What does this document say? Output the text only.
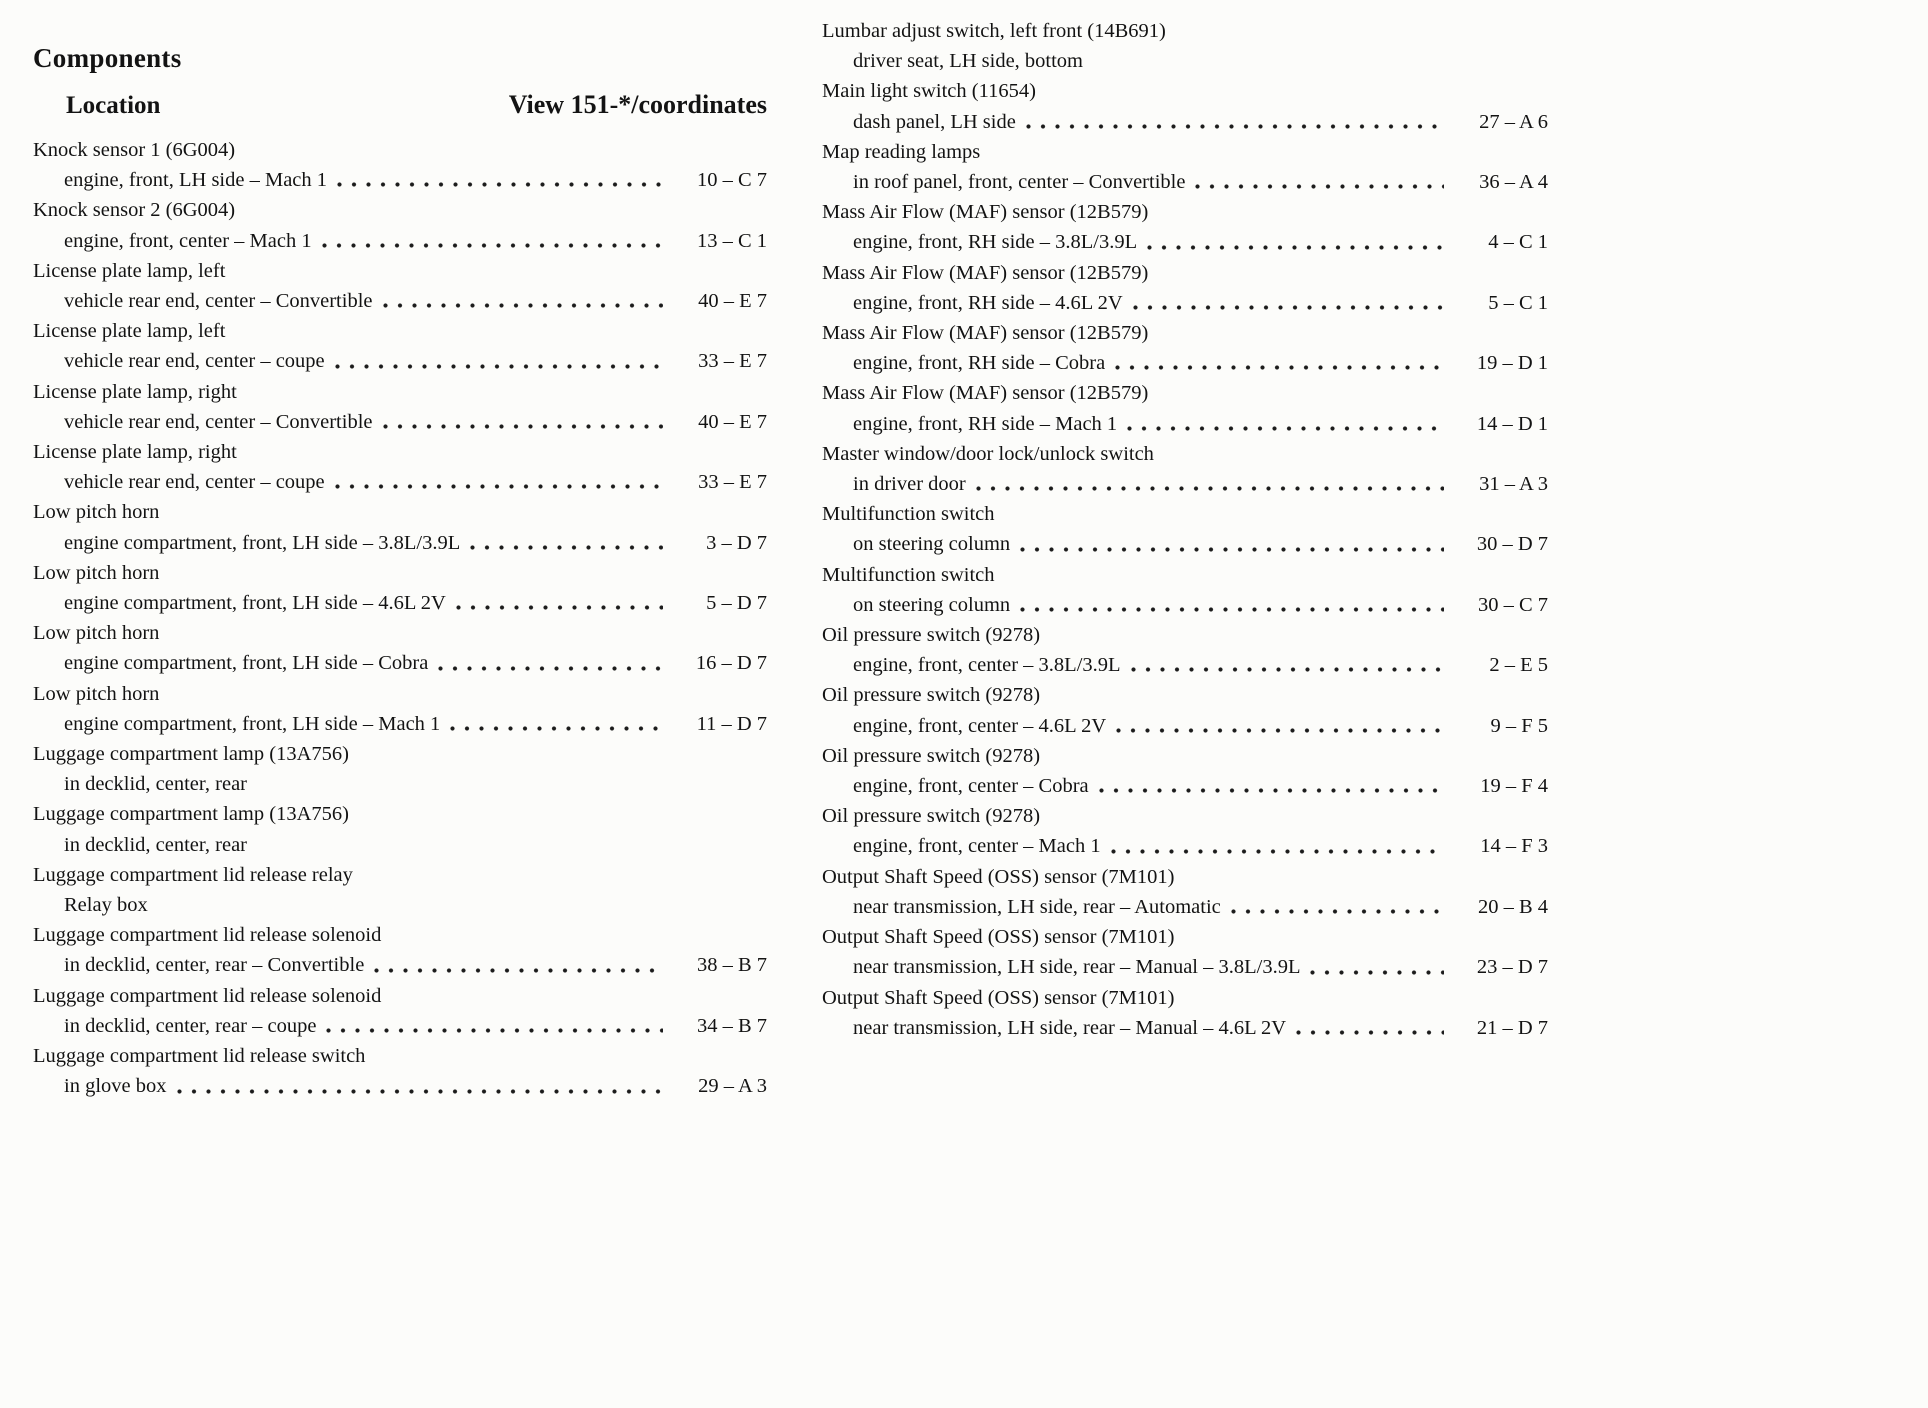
Components
Location	View 151-*/coordinates
Knock sensor 1 (6G004)
engine, front, LH side – Mach 1	10 – C 7
Knock sensor 2 (6G004)
engine, front, center – Mach 1	13 – C 1
License plate lamp, left
vehicle rear end, center – Convertible	40 – E 7
License plate lamp, left
vehicle rear end, center – coupe	33 – E 7
License plate lamp, right
vehicle rear end, center – Convertible	40 – E 7
License plate lamp, right
vehicle rear end, center – coupe	33 – E 7
Low pitch horn
engine compartment, front, LH side – 3.8L/3.9L	3 – D 7
Low pitch horn
engine compartment, front, LH side – 4.6L 2V	5 – D 7
Low pitch horn
engine compartment, front, LH side – Cobra	16 – D 7
Low pitch horn
engine compartment, front, LH side – Mach 1	11 – D 7
Luggage compartment lamp (13A756)
in decklid, center, rear
Luggage compartment lamp (13A756)
in decklid, center, rear
Luggage compartment lid release relay
Relay box
Luggage compartment lid release solenoid
in decklid, center, rear – Convertible	38 – B 7
Luggage compartment lid release solenoid
in decklid, center, rear – coupe	34 – B 7
Luggage compartment lid release switch
in glove box	29 – A 3
Lumbar adjust switch, left front (14B691)
driver seat, LH side, bottom
Main light switch (11654)
dash panel, LH side	27 – A 6
Map reading lamps
in roof panel, front, center – Convertible	36 – A 4
Mass Air Flow (MAF) sensor (12B579)
engine, front, RH side – 3.8L/3.9L	4 – C 1
Mass Air Flow (MAF) sensor (12B579)
engine, front, RH side – 4.6L 2V	5 – C 1
Mass Air Flow (MAF) sensor (12B579)
engine, front, RH side – Cobra	19 – D 1
Mass Air Flow (MAF) sensor (12B579)
engine, front, RH side – Mach 1	14 – D 1
Master window/door lock/unlock switch
in driver door	31 – A 3
Multifunction switch
on steering column	30 – D 7
Multifunction switch
on steering column	30 – C 7
Oil pressure switch (9278)
engine, front, center – 3.8L/3.9L	2 – E 5
Oil pressure switch (9278)
engine, front, center – 4.6L 2V	9 – F 5
Oil pressure switch (9278)
engine, front, center – Cobra	19 – F 4
Oil pressure switch (9278)
engine, front, center – Mach 1	14 – F 3
Output Shaft Speed (OSS) sensor (7M101)
near transmission, LH side, rear – Automatic	20 – B 4
Output Shaft Speed (OSS) sensor (7M101)
near transmission, LH side, rear – Manual – 3.8L/3.9L	23 – D 7
Output Shaft Speed (OSS) sensor (7M101)
near transmission, LH side, rear – Manual – 4.6L 2V	21 – D 7
